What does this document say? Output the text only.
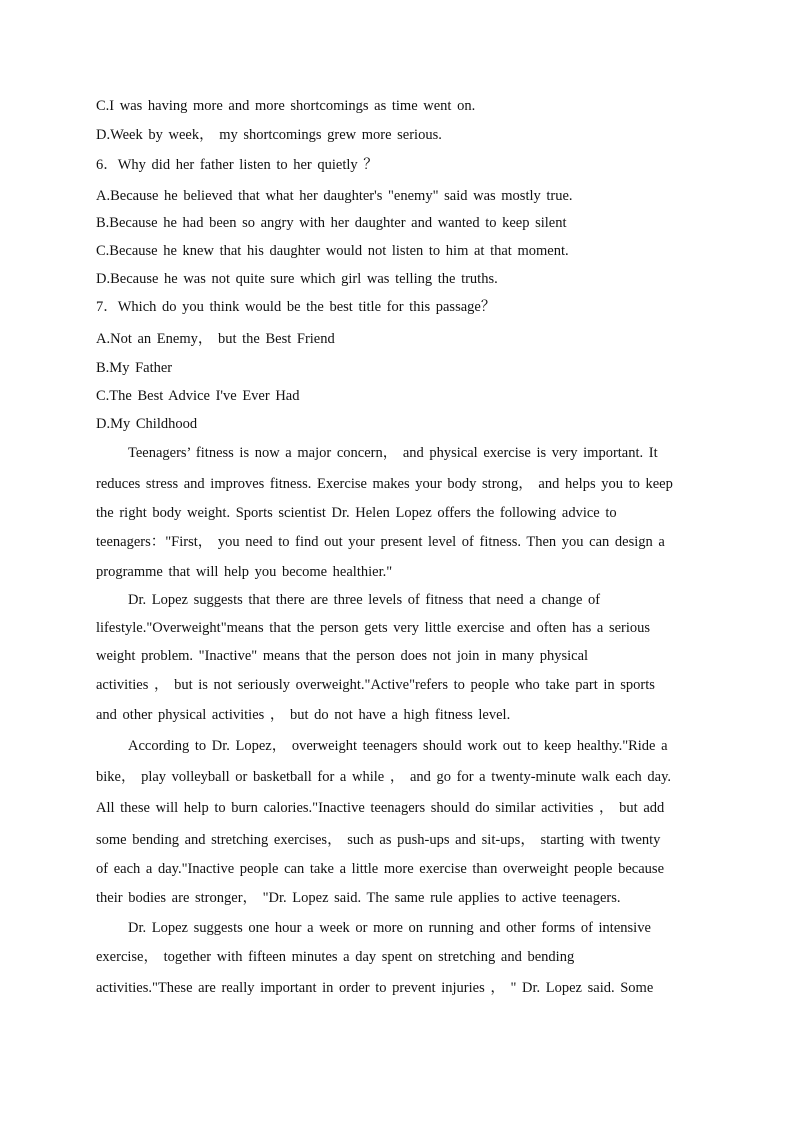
C.I was having more and more shortcomings as time went on.
D.Week by week， my shortcomings grew more serious.
6．Why did her father listen to her quietly ？
A.Because he believed that what her daughter's "enemy" said was mostly true.
B.Because he had been so angry with her daughter and wanted to keep silent
C.Because he knew that his daughter would not listen to him at that moment.
D.Because he was not quite sure which girl was telling the truths.
7．Which do you think would be the best title for this passage？
A.Not an Enemy， but the Best Friend
B.My Father
C.The Best Advice I've Ever Had
D.My Childhood
Teenagers’ fitness is now a major concern， and physical exercise is very important. It
reduces stress and improves fitness. Exercise makes your body strong， and helps you to keep
the right body weight. Sports scientist Dr. Helen Lopez offers the following advice to
teenagers："First， you need to find out your present level of fitness. Then you can design a
programme that will help you become healthier."
Dr. Lopez suggests that there are three levels of fitness that need a change of
lifestyle."Overweight"means that the person gets very little exercise and often has a serious
weight problem. "Inactive" means that the person does not join in many physical
activities ， but is not seriously overweight."Active"refers to people who take part in sports
and other physical activities ， but do not have a high fitness level.
According to Dr. Lopez， overweight teenagers should work out to keep healthy."Ride a
bike， play volleyball or basketball for a while ， and go for a twenty-minute walk each day.
All these will help to burn calories."Inactive teenagers should do similar activities ， but add
some bending and stretching exercises， such as push-ups and sit-ups， starting with twenty
of each a day."Inactive people can take a little more exercise than overweight people because
their bodies are stronger， "Dr. Lopez said. The same rule applies to active teenagers.
Dr. Lopez suggests one hour a week or more on running and other forms of intensive
exercise， together with fifteen minutes a day spent on stretching and bending
activities."These are really important in order to prevent injuries ， " Dr. Lopez said. Some
